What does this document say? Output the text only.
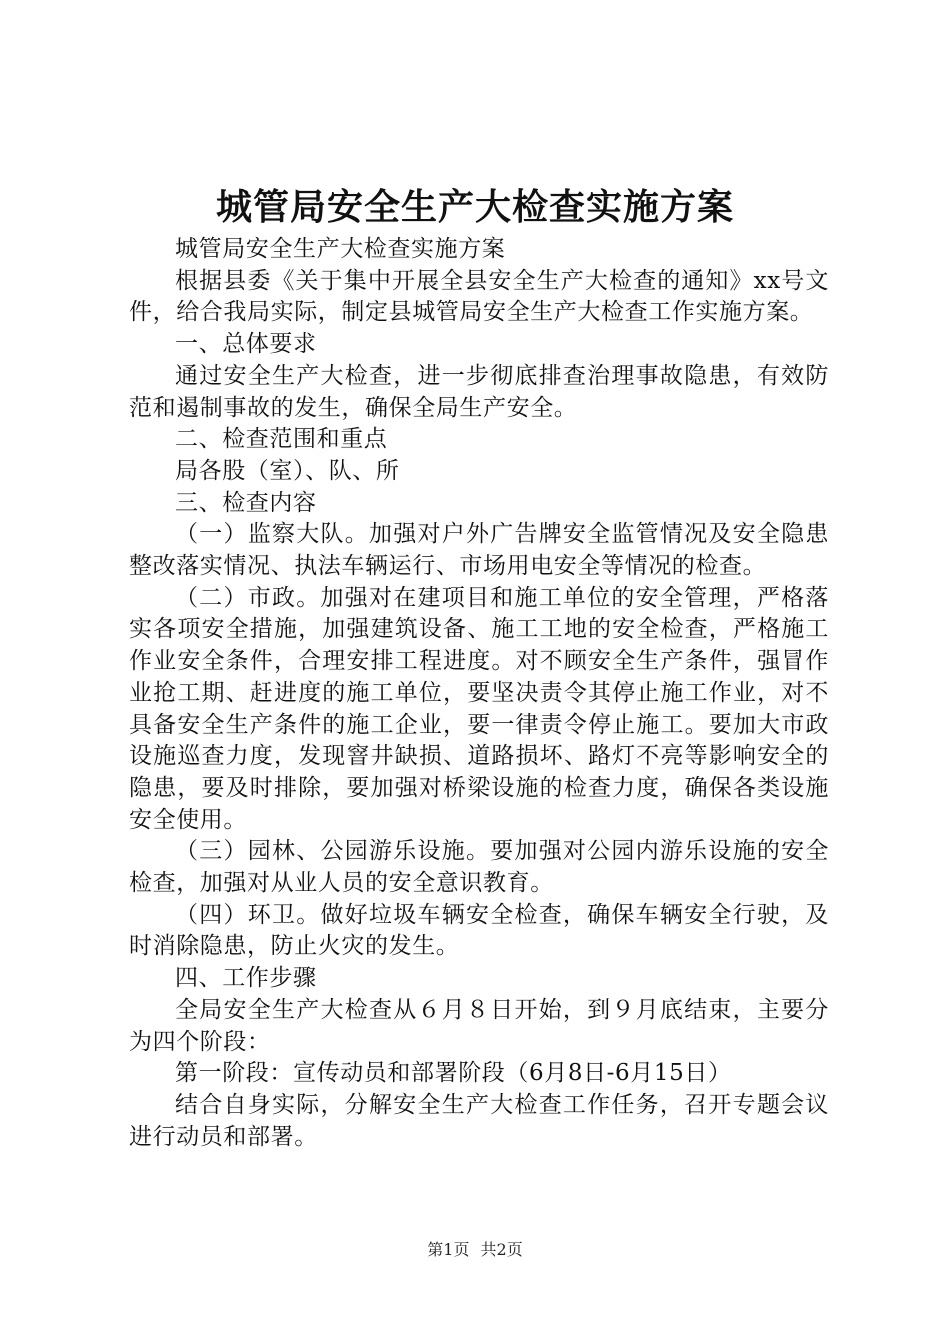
城管局安全生产大检查实施方案

城管局安全生产大检查实施方案

根据县委《关于集中开展全县安全生产大检查的通知》xx号文件，给合我局实际，制定县城管局安全生产大检查工作实施方案。

一、总体要求

通过安全生产大检查，进一步彻底排查治理事故隐患，有效防范和遏制事故的发生，确保全局生产安全。

二、检查范围和重点

局各股（室）、队、所

三、检查内容

（一）监察大队。加强对户外广告牌安全监管情况及安全隐患整改落实情况、执法车辆运行、市场用电安全等情况的检查。

（二）市政。加强对在建项目和施工单位的安全管理，严格落实各项安全措施，加强建筑设备、施工工地的安全检查，严格施工作业安全条件，合理安排工程进度。对不顾安全生产条件，强冒作业抢工期、赶进度的施工单位，要坚决责令其停止施工作业，对不具备安全生产条件的施工企业，要一律责令停止施工。要加大市政设施巡查力度，发现窨井缺损、道路损坏、路灯不亮等影响安全的隐患，要及时排除，要加强对桥梁设施的检查力度，确保各类设施安全使用。

（三）园林、公园游乐设施。要加强对公园内游乐设施的安全检查，加强对从业人员的安全意识教育。

（四）环卫。做好垃圾车辆安全检查，确保车辆安全行驶，及时消除隐患，防止火灾的发生。

四、工作步骤

全局安全生产大检查从６月８日开始，到９月底结束，主要分为四个阶段：

第一阶段：宣传动员和部署阶段（6月8日-6月15日）

结合自身实际，分解安全生产大检查工作任务，召开专题会议进行动员和部署。

第1页 共2页
